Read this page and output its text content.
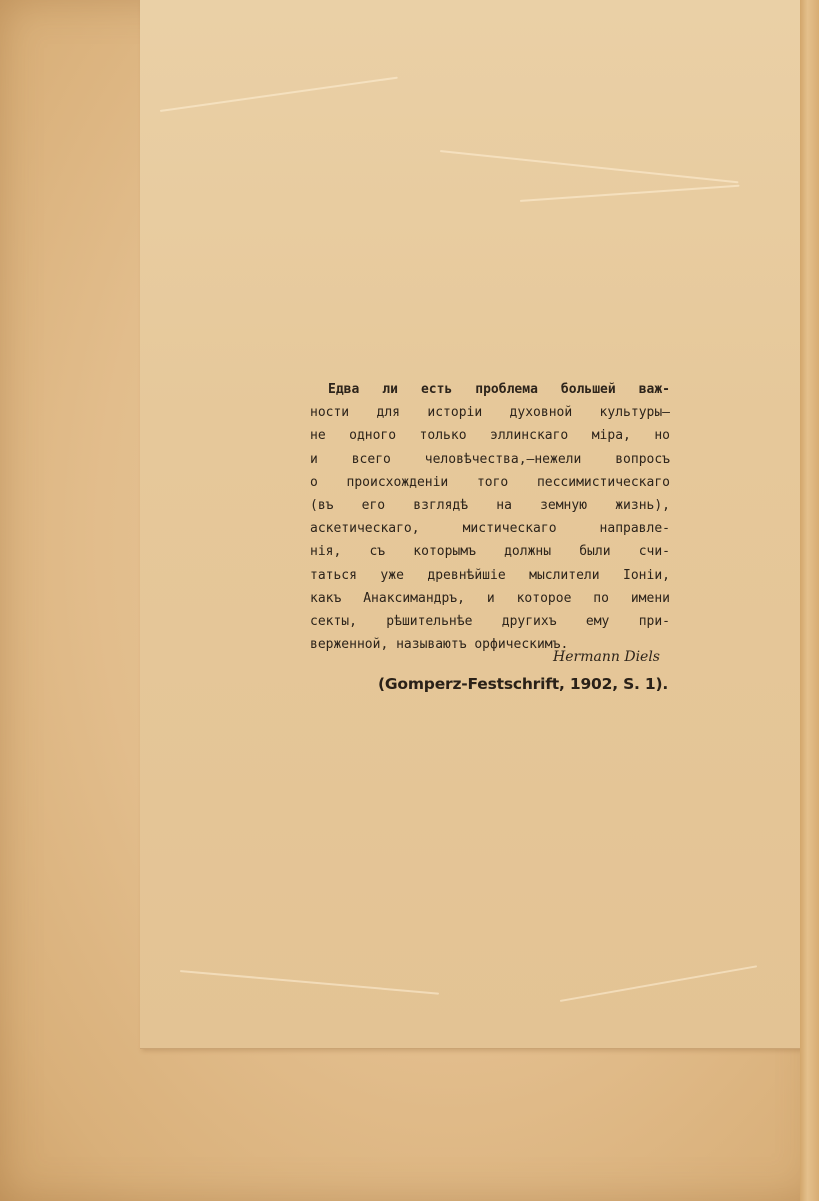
Едва ли есть проблема большей важ-
ности для исторіи духовной культуры—
не одного только эллинскаго міра, но
и всего человѣчества,—нежели вопросъ
о происхожденіи того пессимистическаго
(въ его взглядѣ на земную жизнь),
аскетическаго, мистическаго направле-
нія, съ которымъ должны были счи-
таться уже древнѣйшіе мыслители Іоніи,
какъ Анаксимандръ, и которое по имени
секты, рѣшительнѣе другихъ ему при-
верженной, называютъ орфическимъ.
Hermann Diels
(Gomperz-Festschrift, 1902, S. 1).
